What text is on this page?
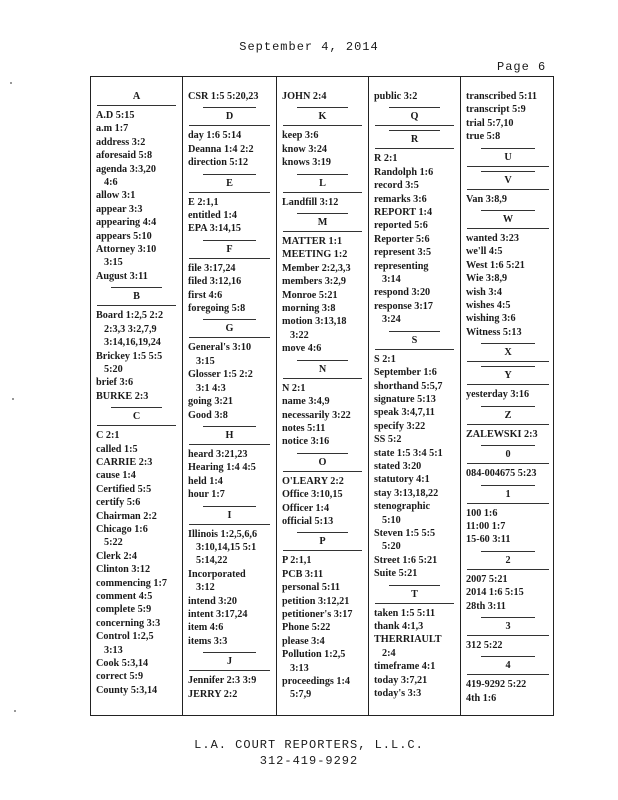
September 4, 2014
Page 6
A
A.D 5:15
a.m 1:7
address 3:2
aforesaid 5:8
agenda 3:3,20
4:6
allow 3:1
appear 3:3
appearing 4:4
appears 5:10
Attorney 3:10
3:15
August 3:11
B
Board 1:2,5 2:2
2:3,3 3:2,7,9
3:14,16,19,24
Brickey 1:5 5:5
5:20
brief 3:6
BURKE 2:3
C
C 2:1
called 1:5
CARRIE 2:3
cause 1:4
Certified 5:5
certify 5:6
Chairman 2:2
Chicago 1:6
5:22
Clerk 2:4
Clinton 3:12
commencing 1:7
comment 4:5
complete 5:9
concerning 3:3
Control 1:2,5
3:13
Cook 5:3,14
correct 5:9
County 5:3,14
CSR 1:5 5:20,23
D
day 1:6 5:14
Deanna 1:4 2:2
direction 5:12
E
E 2:1,1
entitled 1:4
EPA 3:14,15
F
file 3:17,24
filed 3:12,16
first 4:6
foregoing 5:8
G
General's 3:10
3:15
Glosser 1:5 2:2
3:1 4:3
going 3:21
Good 3:8
H
heard 3:21,23
Hearing 1:4 4:5
held 1:4
hour 1:7
I
Illinois 1:2,5,6,6
3:10,14,15 5:1
5:14,22
Incorporated
3:12
intend 3:20
intent 3:17,24
item 4:6
items 3:3
J
Jennifer 2:3 3:9
JERRY 2:2
JOHN 2:4
K
keep 3:6
know 3:24
knows 3:19
L
Landfill 3:12
M
MATTER 1:1
MEETING 1:2
Member 2:2,3,3
members 3:2,9
Monroe 5:21
morning 3:8
motion 3:13,18
3:22
move 4:6
N
N 2:1
name 3:4,9
necessarily 3:22
notes 5:11
notice 3:16
O
O'LEARY 2:2
Office 3:10,15
Officer 1:4
official 5:13
P
P 2:1,1
PCB 3:11
personal 5:11
petition 3:12,21
petitioner's 3:17
Phone 5:22
please 3:4
Pollution 1:2,5
3:13
proceedings 1:4
5:7,9
public 3:2
Q
R
R 2:1
Randolph 1:6
record 3:5
remarks 3:6
REPORT 1:4
reported 5:6
Reporter 5:6
represent 3:5
representing
3:14
respond 3:20
response 3:17
3:24
S
S 2:1
September 1:6
shorthand 5:5,7
signature 5:13
speak 3:4,7,11
specify 3:22
SS 5:2
state 1:5 3:4 5:1
stated 3:20
statutory 4:1
stay 3:13,18,22
stenographic
5:10
Steven 1:5 5:5
5:20
Street 1:6 5:21
Suite 5:21
T
taken 1:5 5:11
thank 4:1,3
THERRIAULT
2:4
timeframe 4:1
today 3:7,21
today's 3:3
transcribed 5:11
transcript 5:9
trial 5:7,10
true 5:8
U
V
Van 3:8,9
W
wanted 3:23
we'll 4:5
West 1:6 5:21
Wie 3:8,9
wish 3:4
wishes 4:5
wishing 3:6
Witness 5:13
X
Y
yesterday 3:16
Z
ZALEWSKI 2:3
0
084-004675 5:23
1
100 1:6
11:00 1:7
15-60 3:11
2
2007 5:21
2014 1:6 5:15
28th 3:11
3
312 5:22
4
419-9292 5:22
4th 1:6
L.A. COURT REPORTERS, L.L.C.
312-419-9292
